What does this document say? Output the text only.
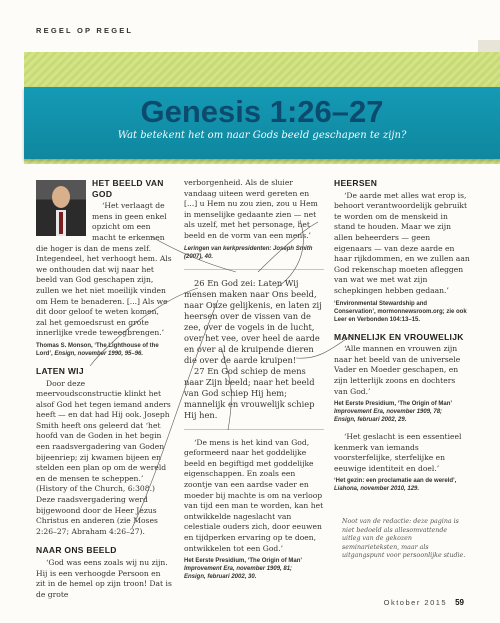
REGEL OP REGEL
Genesis 1:26–27
Wat betekent het om naar Gods beeld geschapen te zijn?
HET BEELD VAN GOD

‘Het verlaagt de mens in geen enkel opzicht om een macht te erkennen die hoger is dan de mens zelf. Integendeel, het verhoogt hem. Als we onthouden dat wij naar het beeld van God geschapen zijn, zullen we het niet moeilijk vinden om Hem te benaderen. [...] Als we dit door geloof te weten komen, zal het gemoedsrust en grote innerlijke vrede teweegbrengen.’

Thomas S. Monson, ‘The Lighthouse of the Lord’, Ensign, november 1990, 95–96.
LATEN WIJ

Door deze meervoudsconstructie klinkt het alsof God het tegen iemand anders heeft — en dat had Hij ook. Joseph Smith heeft ons geleerd dat ‘het hoofd van de Goden in het begin een raadsvergadering van Goden bijeenriep; zij kwamen bijeen en stelden een plan op om de wereld en de mensen te scheppen.’ (History of the Church, 6:308.) Deze raadsvergadering werd bijgewoond door de Heer Jezus Christus en anderen (zie Moses 2:26–27; Abraham 4:26–27).

NAAR ONS BEELD

‘God was eens zoals wij nu zijn. Hij is een verhoogde Persoon en zit in de hemel op zijn troon! Dat is de grote

verborgenheid. Als de sluier vandaag uiteen werd gereten en [...] u Hem nu zou zien, zou u Hem in menselijke gedaante zien — net als uzelf, met het personage, het beeld en de vorm van een mens.’

Leringen van kerkpresidenten: Joseph Smith (2007), 40.

26 En God zei: Laten Wij mensen maken naar Ons beeld, naar Onze gelijkenis, en laten zij heersen over de vissen van de zee, over de vogels in de lucht, over het vee, over heel de aarde en over al de kruipende dieren die over de aarde kruipen!

27 En God schiep de mens naar Zijn beeld; naar het beeld van God schiep Hij hem; mannelijk en vrouwelijk schiep Hij hen.

‘De mens is het kind van God, geformeerd naar het goddelijke beeld en begiftigd met goddelijke eigenschappen. En zoals een zoontje van een aardse vader en moeder bij machte is om na verloop van tijd een man te worden, kan het ontwikkelde nageslacht van celestiale ouders zich, door eeuwen en tijdperken ervaring op te doen, ontwikkelen tot een God.’

Het Eerste Presidium, ‘The Origin of Man’
Improvement Era, november 1909, 81;
Ensign, februari 2002, 30.
HEERSEN

‘De aarde met alles wat erop is, behoort verantwoordelijk gebruikt te worden om de menskeid in stand te houden. Maar we zijn allen beheerders — geen eigenaars — van deze aarde en haar rijkdommen, en we zullen aan God rekenschap moeten afleggen van wat we met wat zijn schepkingen hebben gedaan.’

‘Environmental Stewardship and Conservation’, mormonnewsroom.org; zie ook Leer en Verbonden 104:13–15.
MANNELIJK EN VROUWELIJK

‘Alle mannen en vrouwen zijn naar het beeld van de universele Vader en Moeder geschapen, en zijn letterlijk zoons en dochters van God.’

Het Eerste Presidium, ‘The Origin of Man’
Improvement Era, november 1909, 78;
Ensign, februari 2002, 29.

‘Het geslacht is een essentieel kenmerk van iemands voorsterfelijke, sterfelijke en eeuwige identiteit en doel.’

‘Het gezin: een proclamatie aan de wereld’,
Liahona, november 2010, 129.
Noot van de redactie: deze pagina is niet bedoeld als allesomvattende uitleg van de gekozen seminarieteksten, maar als uitgangspunt voor persoonlijke studie.
Oktober 2015 59
